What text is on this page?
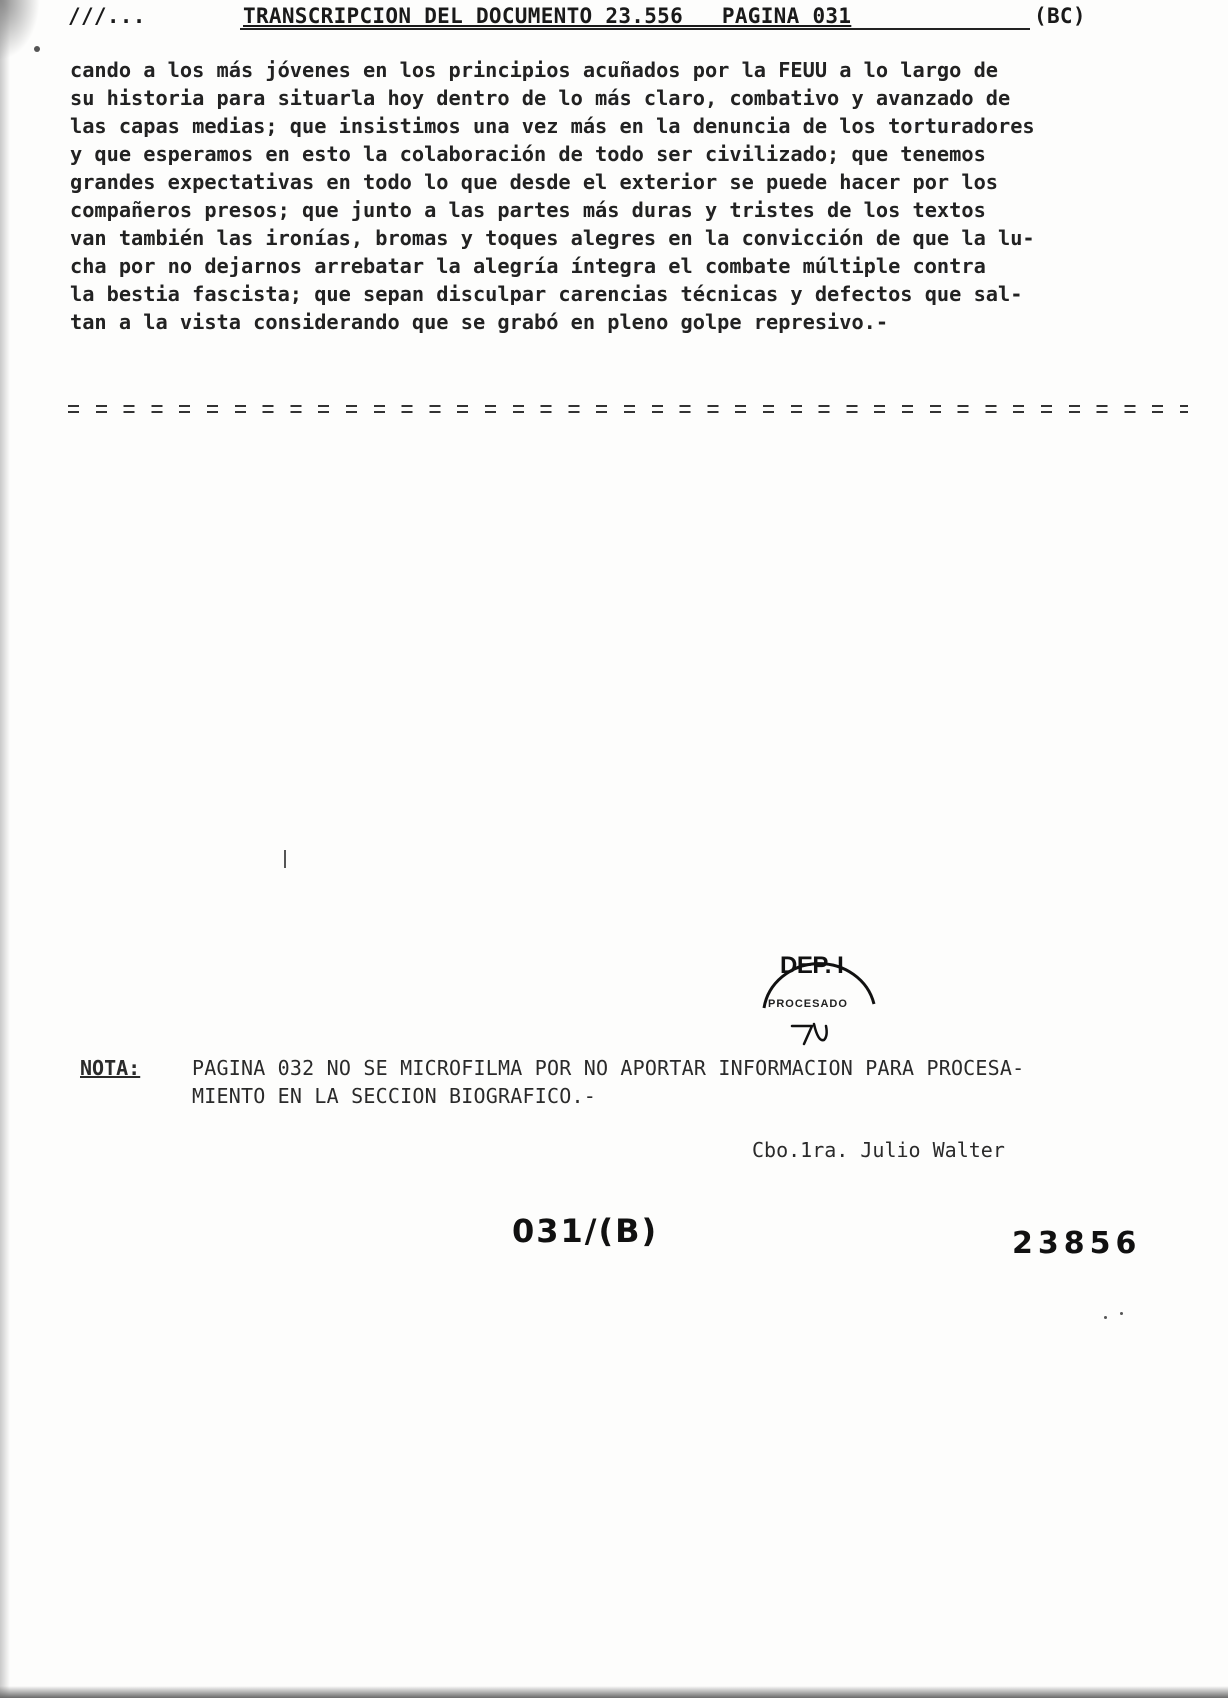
///...	TRANSCRIPCION DEL DOCUMENTO 23.556   PAGINA 031	(BC)
cando a los más jóvenes en los principios acuñados por la FEUU a lo largo de
su historia para situarla hoy dentro de lo más claro, combativo y avanzado de
las capas medias; que insistimos una vez más en la denuncia de los torturadores
y que esperamos en esto la colaboración de todo ser civilizado; que tenemos
grandes expectativas en todo lo que desde el exterior se puede hacer por los
compañeros presos; que junto a las partes más duras y tristes de los textos
van también las ironías, bromas y toques alegres en la convicción de que la lu-
cha por no dejarnos arrebatar la alegría íntegra el combate múltiple contra
la bestia fascista; que sepan disculpar carencias técnicas y defectos que sal-
tan a la vista considerando que se grabó en pleno golpe represivo.-
DEP. I
PROCESADO
NOTA:	PAGINA 032 NO SE MICROFILMA POR NO APORTAR INFORMACION PARA PROCESA-
MIENTO EN LA SECCION BIOGRAFICO.-
Cbo.1ra. Julio Walter
031/(B)	23856
